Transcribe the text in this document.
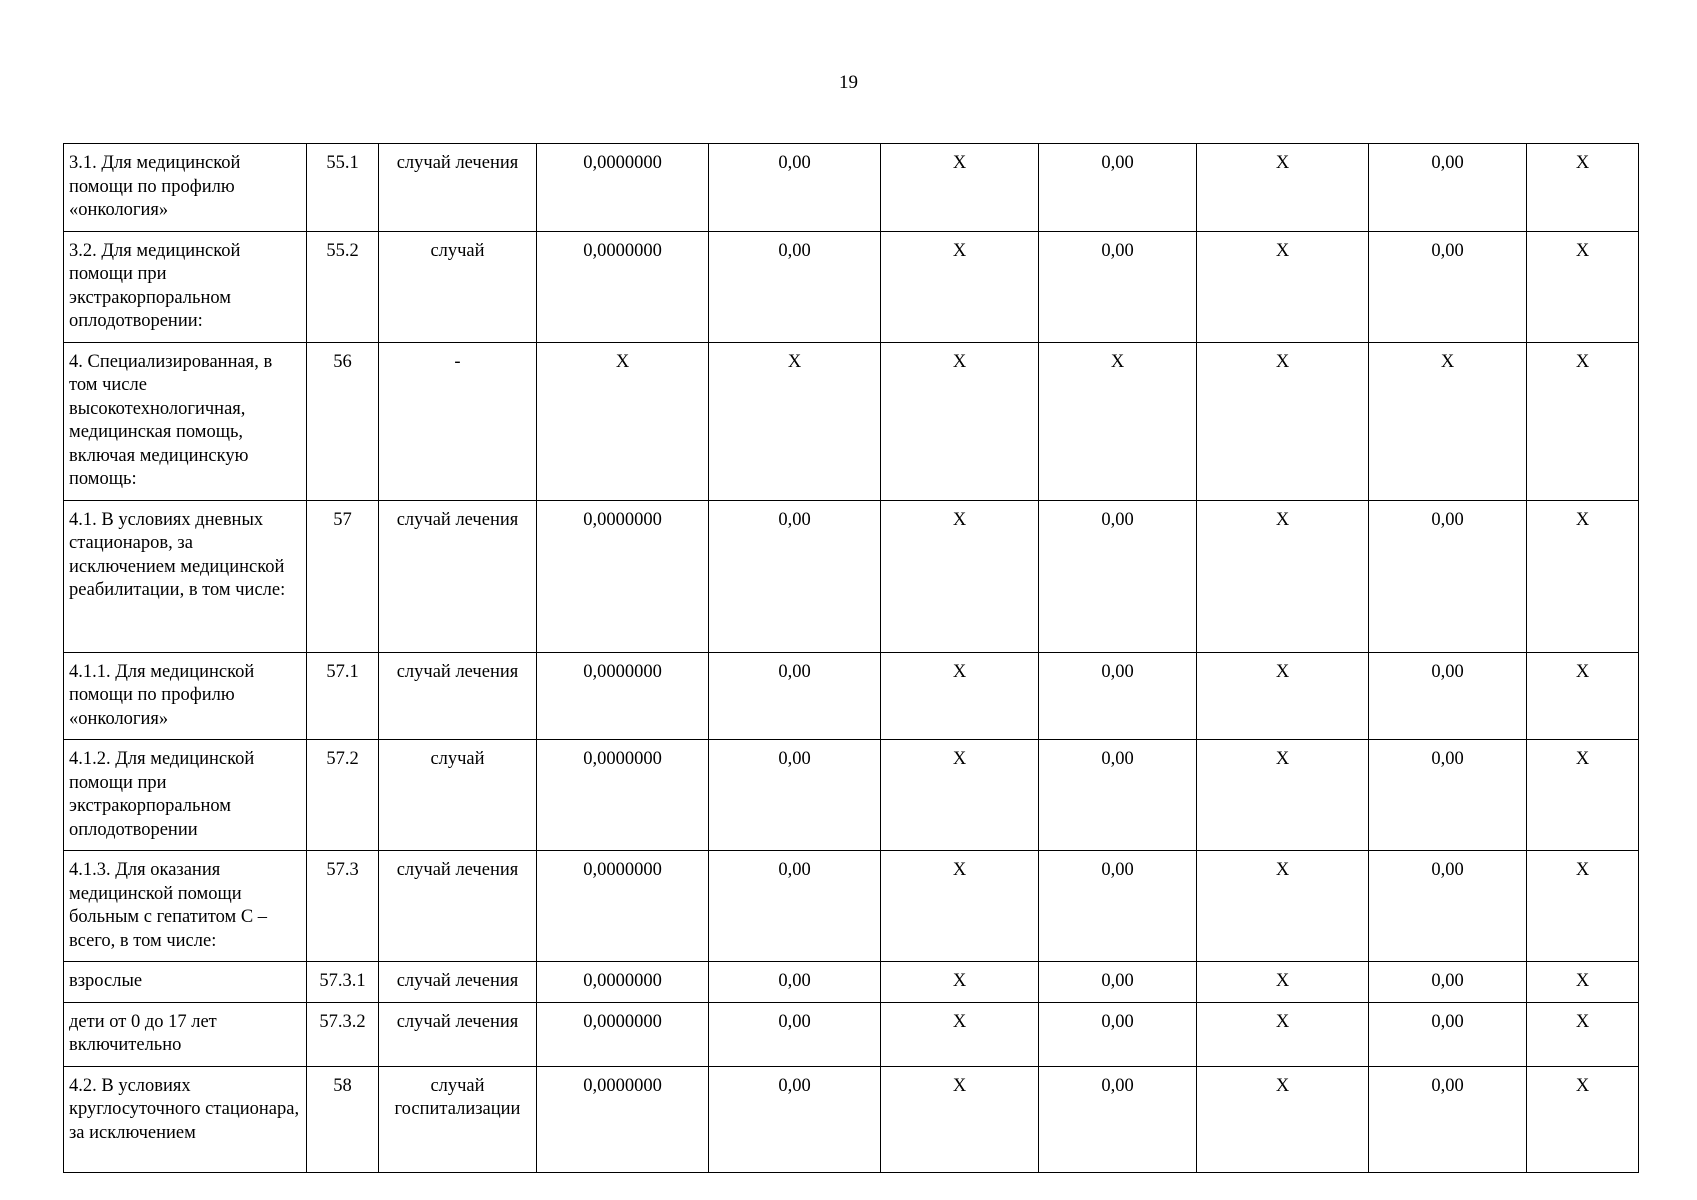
19
3.1. Для медицинской помощи по профилю «онкология»	55.1	случай лечения	0,0000000	0,00	Х	0,00	Х	0,00	Х
3.2. Для медицинской помощи при экстракорпоральном оплодотворении:	55.2	случай	0,0000000	0,00	Х	0,00	Х	0,00	Х
4. Специализированная, в том числе высокотехнологичная, медицинская помощь, включая медицинскую помощь:	56	-	Х	Х	Х	Х	Х	Х	Х
4.1. В условиях дневных стационаров, за исключением медицинской реабилитации, в том числе:	57	случай лечения	0,0000000	0,00	Х	0,00	Х	0,00	Х
4.1.1. Для медицинской помощи по профилю «онкология»	57.1	случай лечения	0,0000000	0,00	Х	0,00	Х	0,00	Х
4.1.2. Для медицинской помощи при экстракорпоральном оплодотворении	57.2	случай	0,0000000	0,00	Х	0,00	Х	0,00	Х
4.1.3. Для оказания медицинской помощи больным с гепатитом С – всего, в том числе:	57.3	случай лечения	0,0000000	0,00	Х	0,00	Х	0,00	Х
взрослые	57.3.1	случай лечения	0,0000000	0,00	Х	0,00	Х	0,00	Х
дети от 0 до 17 лет включительно	57.3.2	случай лечения	0,0000000	0,00	Х	0,00	Х	0,00	Х
4.2. В условиях круглосуточного стационара, за исключением	58	случай госпитализации	0,0000000	0,00	Х	0,00	Х	0,00	Х
